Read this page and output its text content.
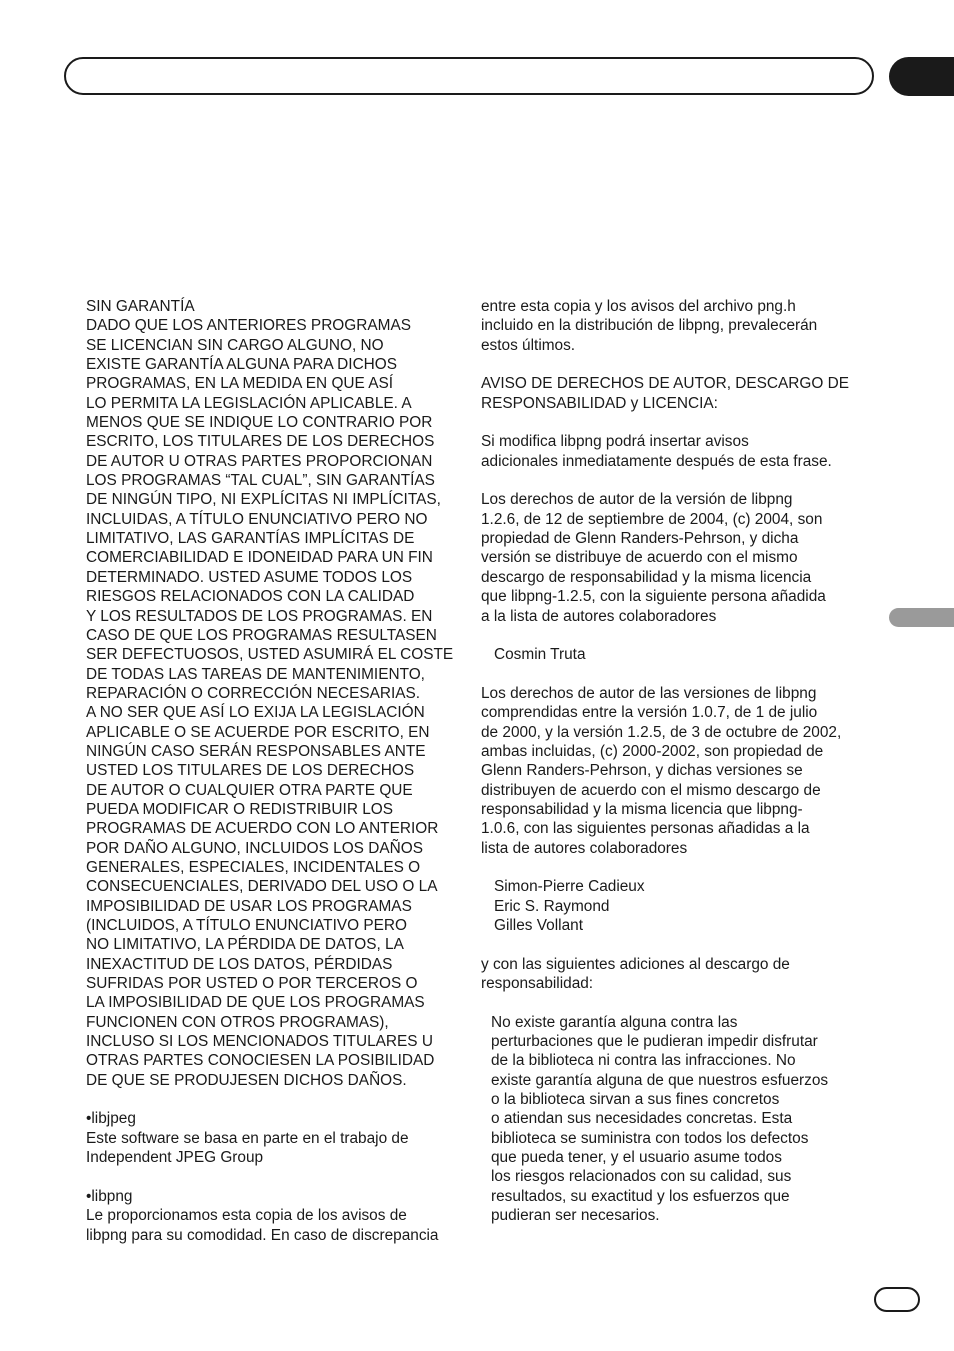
SIN GARANTÍA
DADO QUE LOS ANTERIORES PROGRAMAS
SE LICENCIAN SIN CARGO ALGUNO, NO
EXISTE GARANTÍA ALGUNA PARA DICHOS
PROGRAMAS, EN LA MEDIDA EN QUE ASÍ
LO PERMITA LA LEGISLACIÓN APLICABLE. A
MENOS QUE SE INDIQUE LO CONTRARIO POR
ESCRITO, LOS TITULARES DE LOS DERECHOS
DE AUTOR U OTRAS PARTES PROPORCIONAN
LOS PROGRAMAS “TAL CUAL”, SIN GARANTÍAS
DE NINGÚN TIPO, NI EXPLÍCITAS NI IMPLÍCITAS,
INCLUIDAS, A TÍTULO ENUNCIATIVO PERO NO
LIMITATIVO, LAS GARANTÍAS IMPLÍCITAS DE
COMERCIABILIDAD E IDONEIDAD PARA UN FIN
DETERMINADO. USTED ASUME TODOS LOS
RIESGOS RELACIONADOS CON LA CALIDAD
Y LOS RESULTADOS DE LOS PROGRAMAS. EN
CASO DE QUE LOS PROGRAMAS RESULTASEN
SER DEFECTUOSOS, USTED ASUMIRÁ EL COSTE
DE TODAS LAS TAREAS DE MANTENIMIENTO,
REPARACIÓN O CORRECCIÓN NECESARIAS.
A NO SER QUE ASÍ LO EXIJA LA LEGISLACIÓN
APLICABLE O SE ACUERDE POR ESCRITO, EN
NINGÚN CASO SERÁN RESPONSABLES ANTE
USTED LOS TITULARES DE LOS DERECHOS
DE AUTOR O CUALQUIER OTRA PARTE QUE
PUEDA MODIFICAR O REDISTRIBUIR LOS
PROGRAMAS DE ACUERDO CON LO ANTERIOR
POR DAÑO ALGUNO, INCLUIDOS LOS DAÑOS
GENERALES, ESPECIALES, INCIDENTALES O
CONSECUENCIALES, DERIVADO DEL USO O LA
IMPOSIBILIDAD DE USAR LOS PROGRAMAS
(INCLUIDOS, A TÍTULO ENUNCIATIVO PERO
NO LIMITATIVO, LA PÉRDIDA DE DATOS, LA
INEXACTITUD DE LOS DATOS, PÉRDIDAS
SUFRIDAS POR USTED O POR TERCEROS O
LA IMPOSIBILIDAD DE QUE LOS PROGRAMAS
FUNCIONEN CON OTROS PROGRAMAS),
INCLUSO SI LOS MENCIONADOS TITULARES U
OTRAS PARTES CONOCIESEN LA POSIBILIDAD
DE QUE SE PRODUJESEN DICHOS DAÑOS.
•libjpeg
Este software se basa en parte en el trabajo de
Independent JPEG Group
•libpng
Le proporcionamos esta copia de los avisos de
libpng para su comodidad. En caso de discrepancia
entre esta copia y los avisos del archivo png.h
incluido en la distribución de libpng, prevalecerán
estos últimos.
AVISO DE DERECHOS DE AUTOR, DESCARGO DE
RESPONSABILIDAD y LICENCIA:
Si modifica libpng podrá insertar avisos
adicionales inmediatamente después de esta frase.
Los derechos de autor de la versión de libpng
1.2.6, de 12 de septiembre de 2004, (c) 2004, son
propiedad de Glenn Randers-Pehrson, y dicha
versión se distribuye de acuerdo con el mismo
descargo de responsabilidad y la misma licencia
que libpng-1.2.5, con la siguiente persona añadida
a la lista de autores colaboradores
Cosmin Truta
Los derechos de autor de las versiones de libpng
comprendidas entre la versión 1.0.7, de 1 de julio
de 2000, y la versión 1.2.5, de 3 de octubre de 2002,
ambas incluidas, (c) 2000-2002, son propiedad de
Glenn Randers-Pehrson, y dichas versiones se
distribuyen de acuerdo con el mismo descargo de
responsabilidad y la misma licencia que libpng-
1.0.6, con las siguientes personas añadidas a la
lista de autores colaboradores
Simon-Pierre Cadieux
Eric S. Raymond
Gilles Vollant
y con las siguientes adiciones al descargo de
responsabilidad:
No existe garantía alguna contra las
perturbaciones que le pudieran impedir disfrutar
de la biblioteca ni contra las infracciones. No
existe garantía alguna de que nuestros esfuerzos
o la biblioteca sirvan a sus fines concretos
o atiendan sus necesidades concretas. Esta
biblioteca se suministra con todos los defectos
que pueda tener, y el usuario asume todos
los riesgos relacionados con su calidad, sus
resultados, su exactitud y los esfuerzos que
pudieran ser necesarios.
